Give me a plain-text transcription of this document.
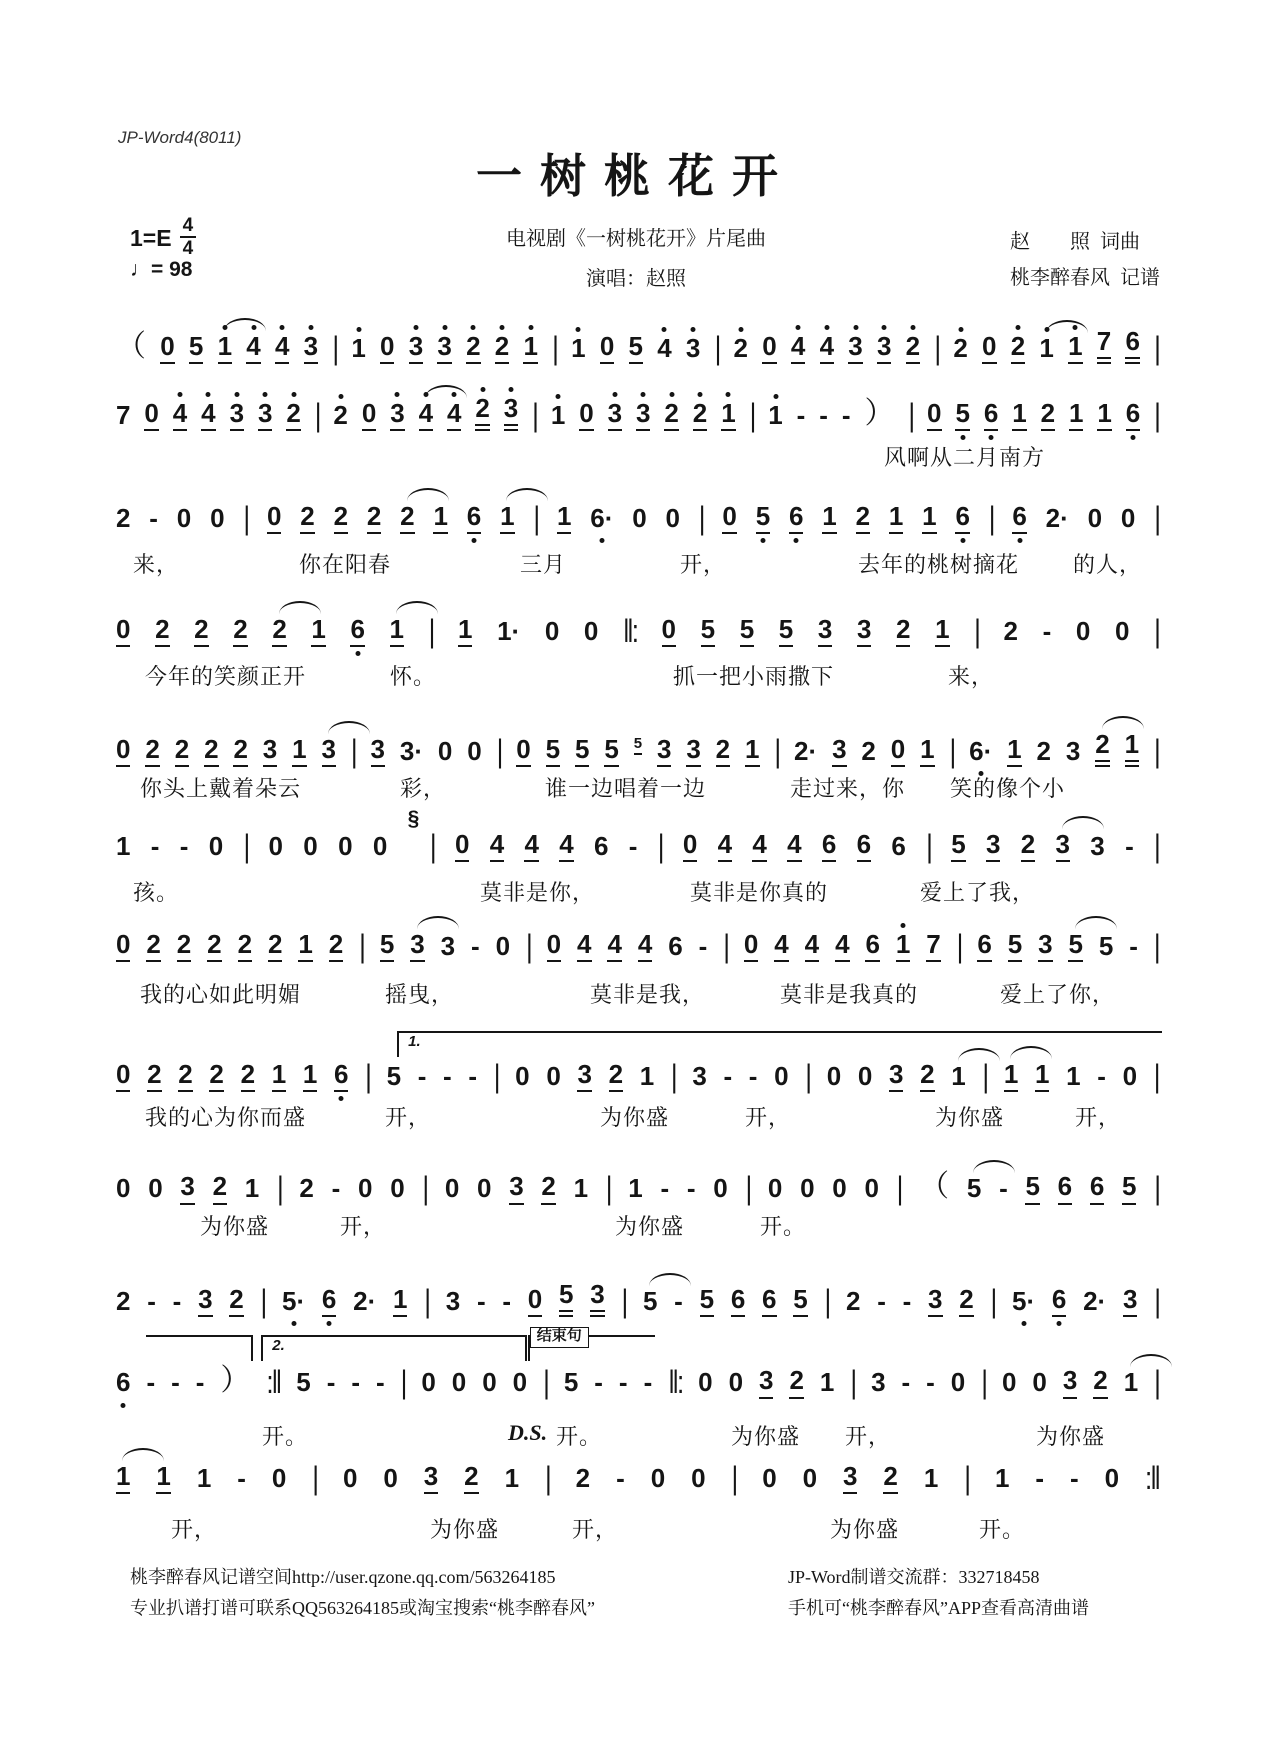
JP-Word4(8011)
一树桃花开
电视剧《一树桃花开》片尾曲
演唱：赵照
$1=E \frac{4}{4}$
♩= 98
赵　　照  词曲
桃李醉春风  记谱
（ 0 5 1 4 4 3 | 1 0 3 3 2 2 1 | 1 0 5 4 3 | 2 0 4 4 3 3 2 | 2 0 2 1 1 7 6 |
7 0 4 4 3 3 2 | 2 0 3 4 4 2 3 | 1 0 3 3 2 2 1 | 1 - - - ） | 0 5 6 1 2 1 1 6 |
风啊从二月南方
2 - 0 0 | 0 2 2 2 2 1 6 1 | 1 6· 0 0 | 0 5 6 1 2 1 1 6 | 6 2· 0 0 |
来，	你在阳春	三月	开，	去年的桃树摘花 的人，
0 2 2 2 2 1 6 1 | 1 1· 0 0 ‖: 0 5 5 5 3 3 2 1 | 2 - 0 0 |
今年的笑颜正开	怀。	抓一把小雨撒下	来，
0 2 2 2 2 3 1 3 | 3 3· 0 0 | 0 5 5 5 5 3 3 2 1 | 2· 3 2 0 1 | 6· 1 2 3 2 1 |
你头上戴着朵云	彩，	谁一边唱着一边	走过来，你 笑的像个小
1 - - 0 | 0 0 0 0
§
| 0 4 4 4 6 - | 0 4 4 4 6 6 6 | 5 3 2 3 3 - |
孩。	莫非是你，	莫非是你真的	爱上了我，
0 2 2 2 2 2 1 2 | 5 3 3 - 0 | 0 4 4 4 6 - | 0 4 4 4 6 1 7 | 6 5 3 5 5 - |
我的心如此明媚	摇曳，	莫非是我，	莫非是我真的	爱上了你，
0 2 2 2 2 1 1 6 | 5 - - - | 0 0 3 2 1 | 3 - - 0 | 0 0 3 2 1 | 1 1 1 - 0 |
1.
我的心为你而盛	开，	为你盛	开，	为你盛	开，
0 0 3 2 1 | 2 - 0 0 | 0 0 3 2 1 | 1 - - 0 | 0 0 0 0 | （ 5 - 5 6 6 5 |
为你盛	开，	为你盛	开。
2 - - 3 2 | 5· 6 2· 1 | 3 - - 0 5 3 | 5 - 5 6 6 5 | 2 - - 3 2 | 5· 6 2· 3 |
6 - - - ） :‖ 5 - - - | 0 0 0 0 | 5 - - - ‖: 0 0 3 2 1 | 3 - - 0 | 0 0 3 2 1 |
2.
结束句
开。	D.S. 开。	为你盛 开，	为你盛
1 1 1 - 0 | 0 0 3 2 1 | 2 - 0 0 | 0 0 3 2 1 | 1 - - 0 :‖
开，	为你盛	开，	为你盛	开。
桃李醉春风记谱空间http://user.qzone.qq.com/563264185
专业扒谱打谱可联系QQ563264185或淘宝搜索“桃李醉春风”
JP-Word制谱交流群：332718458
手机可“桃李醉春风”APP查看高清曲谱
